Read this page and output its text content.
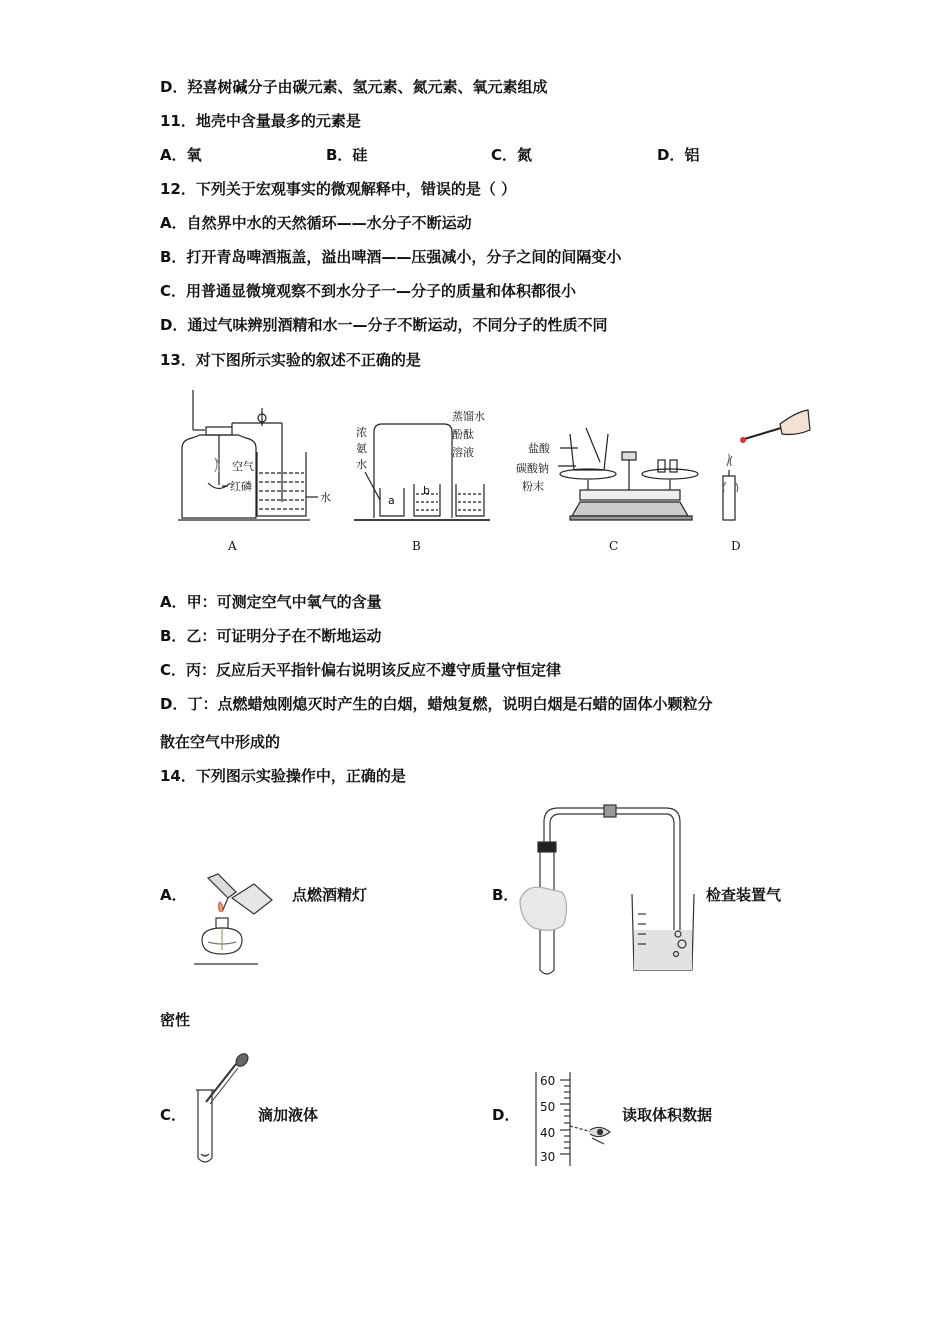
D．羟喜树碱分子由碳元素、氢元素、氮元素、氧元素组成
11．地壳中含量最多的元素是
A．氧	B．硅	C．氮	D．铝
12．下列关于宏观事实的微观解释中，错误的是（ ）
A．自然界中水的天然循环——水分子不断运动
B．打开青岛啤酒瓶盖，溢出啤酒——压强减小，分子之间的间隔变小
C．用普通显微境观察不到水分子一—分子的质量和体积都很小
D．通过气味辨别酒精和水一—分子不断运动，不同分子的性质不同
13．对下图所示实验的叙述不正确的是
空气
红磷
水
浓
氨
水
a
b
蒸馏水
酚酞
溶液	盐酸
碳酸钠
粉末
A	B	C	D
A．甲：可测定空气中氧气的含量
B．乙：可证明分子在不断地运动
C．丙：反应后天平指针偏右说明该反应不遵守质量守恒定律
D．丁：点燃蜡烛刚熄灭时产生的白烟，蜡烛复燃，说明白烟是石蜡的固体小颗粒分
散在空气中形成的
14．下列图示实验操作中，正确的是
A．	点燃酒精灯	B．	检查装置气
密性
C．	滴加液体	D．
60
50
40
30
读取体积数据
